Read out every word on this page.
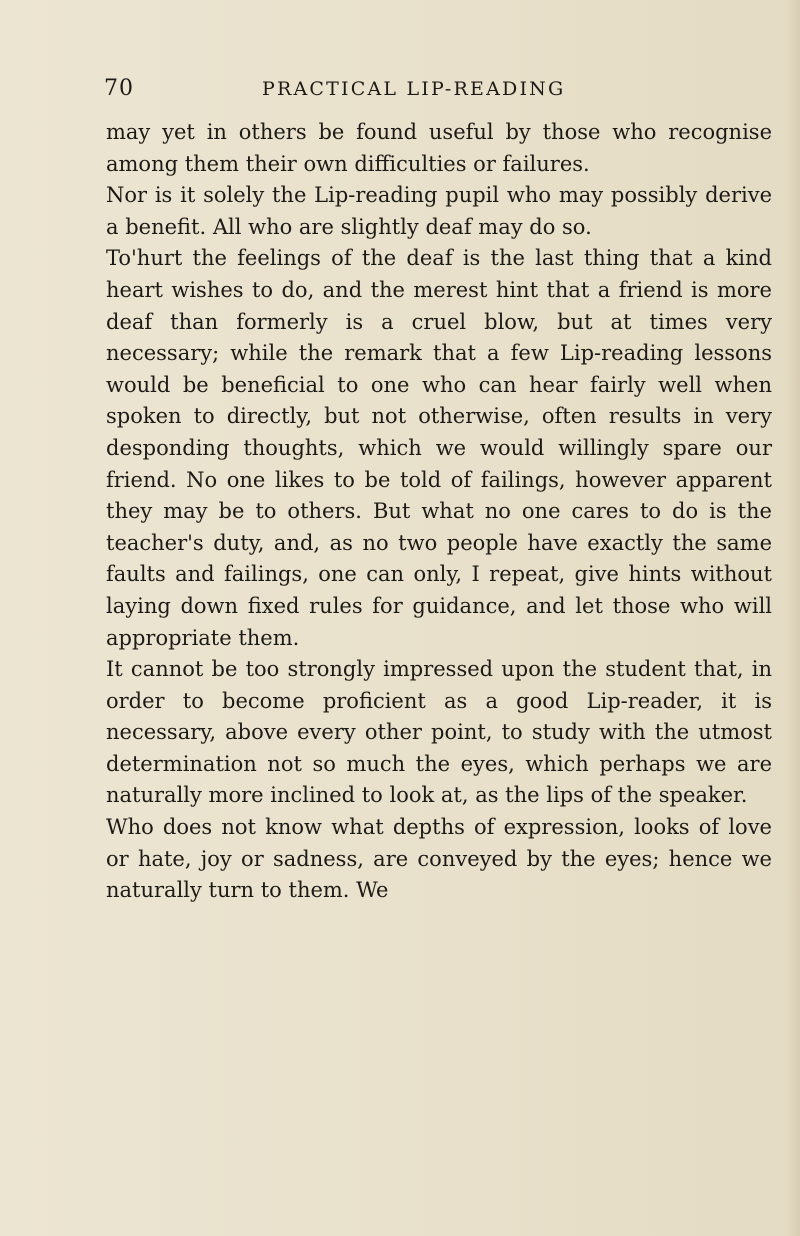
70	PRACTICAL LIP-READING

may yet in others be found useful by those who recognise among them their own difficulties or failures.

Nor is it solely the Lip-reading pupil who may possibly derive a benefit. All who are slightly deaf may do so.

To'hurt the feelings of the deaf is the last thing that a kind heart wishes to do, and the merest hint that a friend is more deaf than formerly is a cruel blow, but at times very necessary; while the remark that a few Lip-reading lessons would be beneficial to one who can hear fairly well when spoken to directly, but not otherwise, often results in very desponding thoughts, which we would willingly spare our friend. No one likes to be told of failings, however apparent they may be to others. But what no one cares to do is the teacher's duty, and, as no two people have exactly the same faults and failings, one can only, I repeat, give hints without laying down fixed rules for guidance, and let those who will appropriate them.

It cannot be too strongly impressed upon the student that, in order to become proficient as a good Lip-reader, it is necessary, above every other point, to study with the utmost determination not so much the eyes, which perhaps we are naturally more inclined to look at, as the lips of the speaker.

Who does not know what depths of expression, looks of love or hate, joy or sadness, are conveyed by the eyes; hence we naturally turn to them. We
